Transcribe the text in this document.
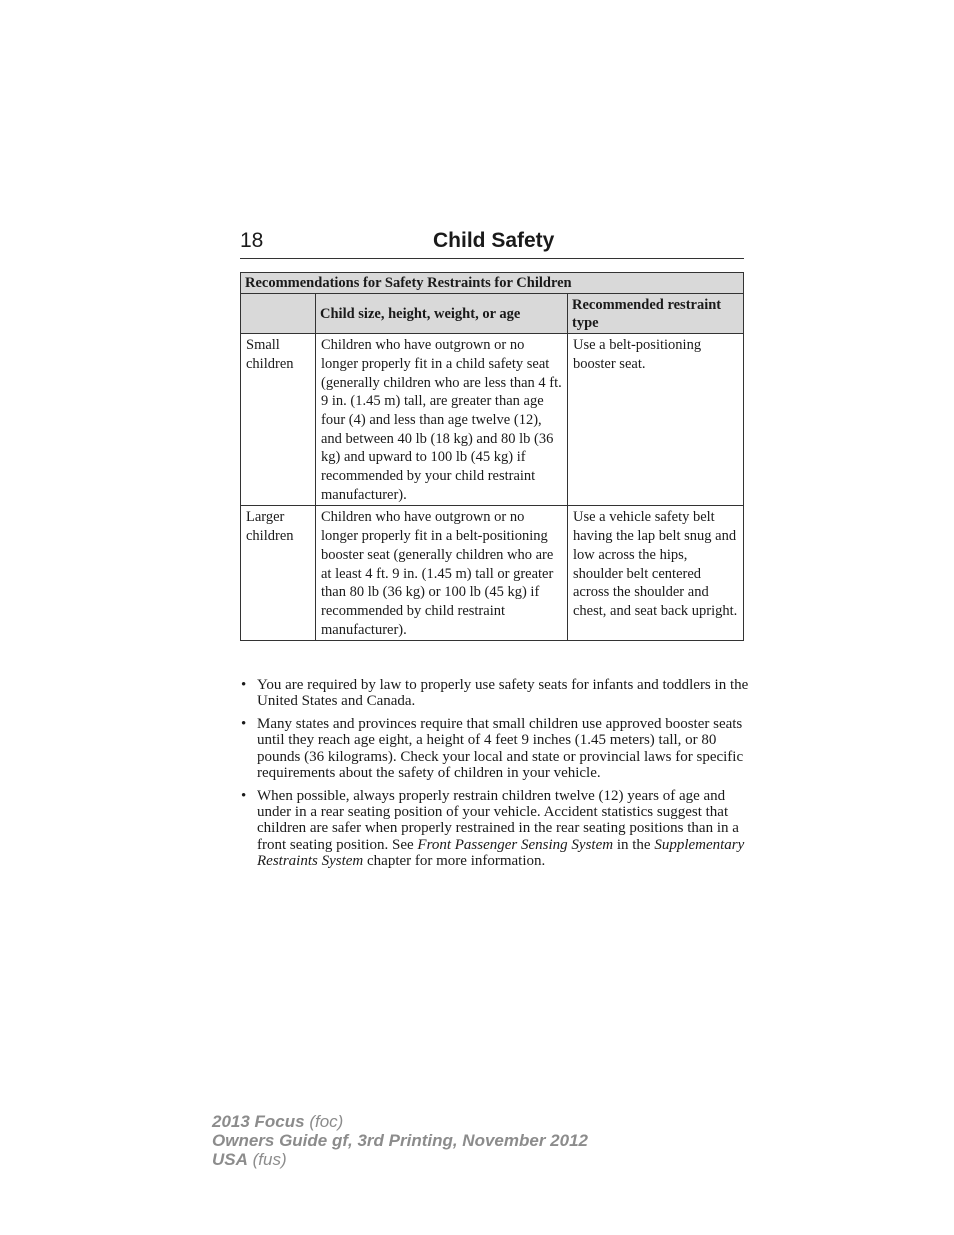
18	Child Safety
Recommendations for Safety Restraints for Children		
	Child size, height, weight, or age	Recommended restraint type
Small children	Children who have outgrown or no longer properly fit in a child safety seat (generally children who are less than 4 ft. 9 in. (1.45 m) tall, are greater than age four (4) and less than age twelve (12), and between 40 lb (18 kg) and 80 lb (36 kg) and upward to 100 lb (45 kg) if recommended by your child restraint manufacturer).	Use a belt-positioning booster seat.
Larger children	Children who have outgrown or no longer properly fit in a belt-positioning booster seat (generally children who are at least 4 ft. 9 in. (1.45 m) tall or greater than 80 lb (36 kg) or 100 lb (45 kg) if recommended by child restraint manufacturer).	Use a vehicle safety belt having the lap belt snug and low across the hips, shoulder belt centered across the shoulder and chest, and seat back upright.
• You are required by law to properly use safety seats for infants and toddlers in the United States and Canada.

• Many states and provinces require that small children use approved booster seats until they reach age eight, a height of 4 feet 9 inches (1.45 meters) tall, or 80 pounds (36 kilograms). Check your local and state or provincial laws for specific requirements about the safety of children in your vehicle.

• When possible, always properly restrain children twelve (12) years of age and under in a rear seating position of your vehicle. Accident statistics suggest that children are safer when properly restrained in the rear seating positions than in a front seating position. See Front Passenger Sensing System in the Supplementary Restraints System chapter for more information.

2013 Focus (foc)
Owners Guide gf, 3rd Printing, November 2012
USA (fus)
